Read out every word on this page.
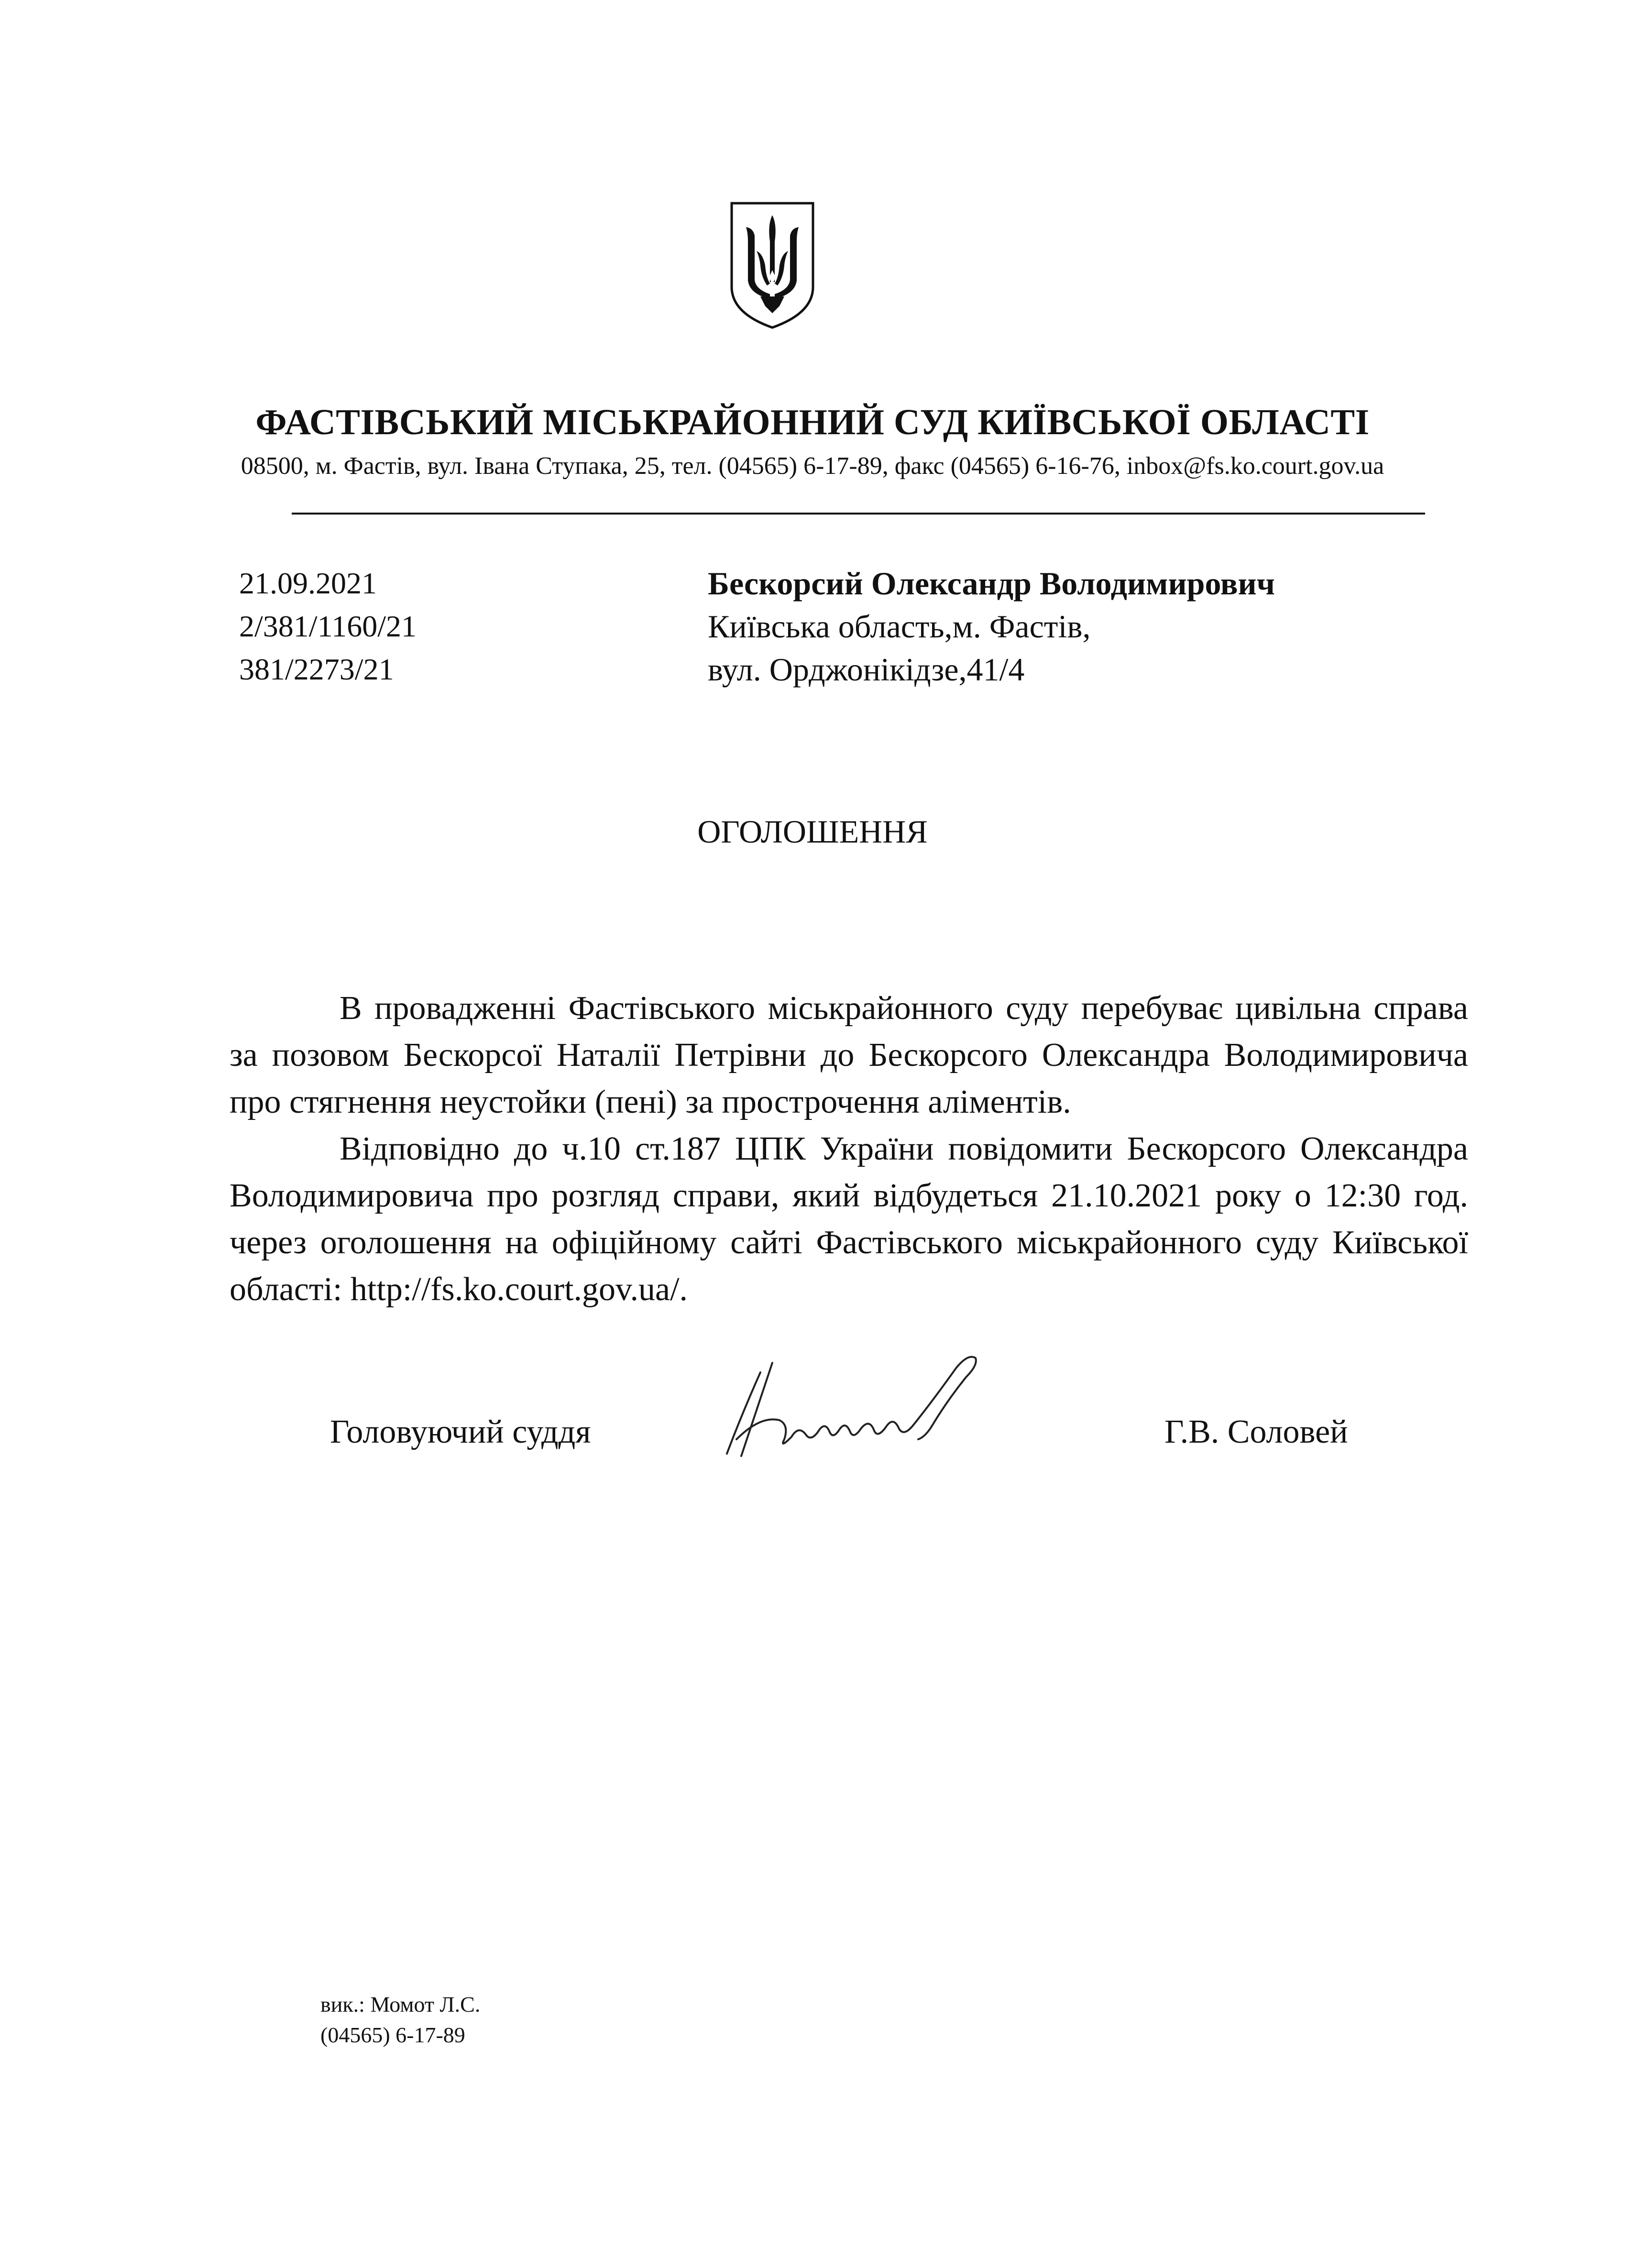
ФАСТІВСЬКИЙ МІСЬКРАЙОННИЙ СУД КИЇВСЬКОЇ ОБЛАСТІ
08500, м. Фастів, вул. Івана Ступака, 25, тел. (04565) 6-17-89, факс (04565) 6-16-76, inbox@fs.ko.court.gov.ua
21.09.2021
2/381/1160/21
381/2273/21
Бескорсий Олександр Володимирович
Київська область,м. Фастів,
вул. Орджонікідзе,41/4
ОГОЛОШЕННЯ

В провадженні Фастівського міськрайонного суду перебуває цивільна справа за позовом Бескорсої Наталії Петрівни до Бескорсого Олександра Володимировича про стягнення неустойки (пені) за прострочення аліментів.

Відповідно до ч.10 ст.187 ЦПК України повідомити Бескорсого Олександра Володимировича про розгляд справи, який відбудеться 21.10.2021 року о 12:30 год. через оголошення на офіційному сайті Фастівського міськрайонного суду Київської області: http://fs.ko.court.gov.ua/.

Головуючий суддя	Г.В. Соловей
вик.: Момот Л.С.
(04565) 6-17-89
